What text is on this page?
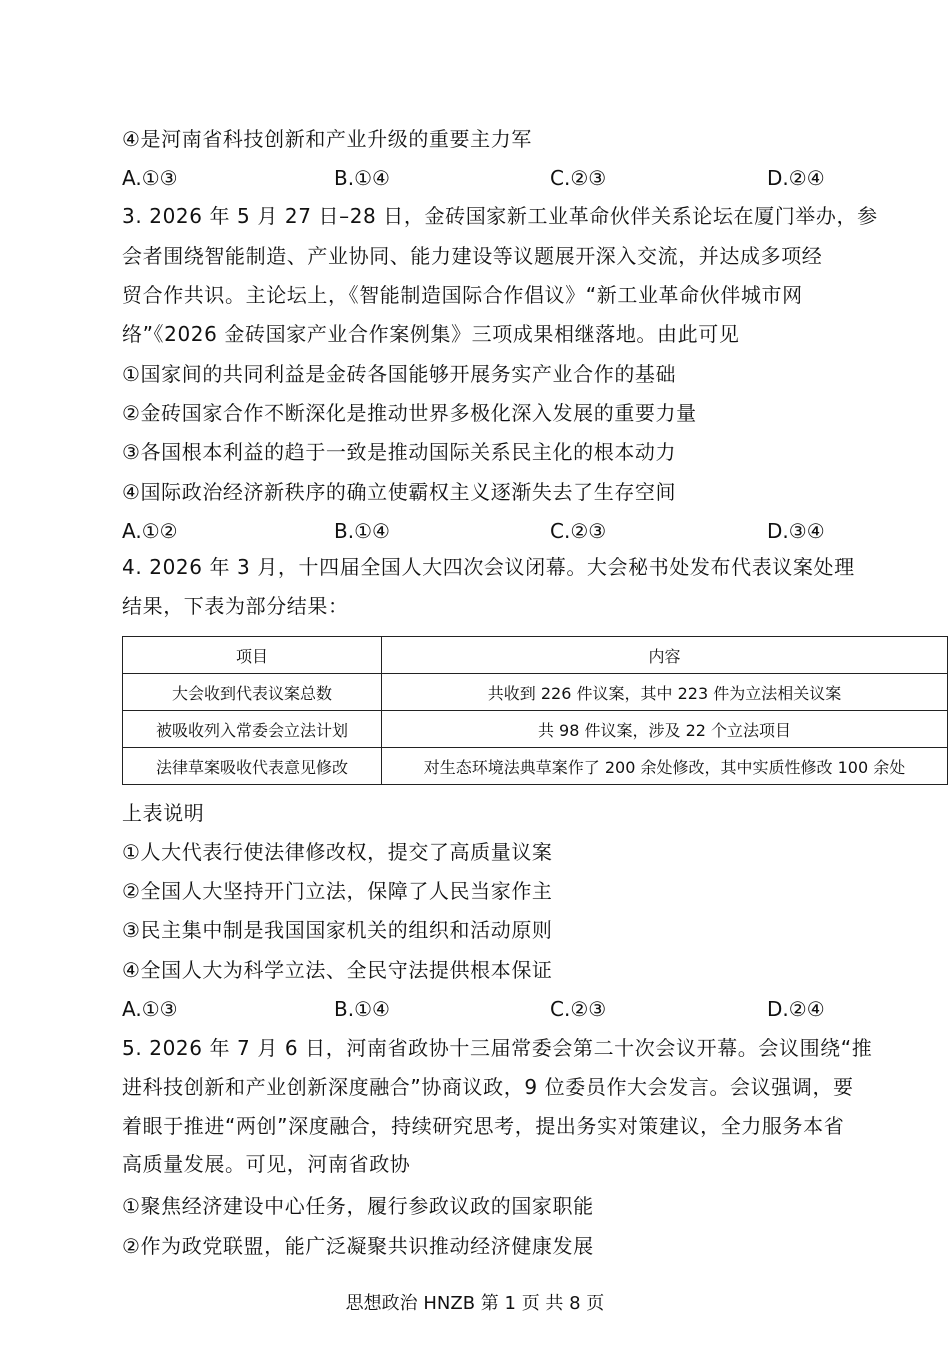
④是河南省科技创新和产业升级的重要主力军
A.①③	B.①④	C.②③	D.②④
3. 2026 年 5 月 27 日–28 日，金砖国家新工业革命伙伴关系论坛在厦门举办，参
会者围绕智能制造、产业协同、能力建设等议题展开深入交流，并达成多项经
贸合作共识。主论坛上，《智能制造国际合作倡议》“新工业革命伙伴城市网
络”《2026 金砖国家产业合作案例集》三项成果相继落地。由此可见
①国家间的共同利益是金砖各国能够开展务实产业合作的基础
②金砖国家合作不断深化是推动世界多极化深入发展的重要力量
③各国根本利益的趋于一致是推动国际关系民主化的根本动力
④国际政治经济新秩序的确立使霸权主义逐渐失去了生存空间
A.①②	B.①④	C.②③	D.③④
4. 2026 年 3 月，十四届全国人大四次会议闭幕。大会秘书处发布代表议案处理
结果，下表为部分结果：
项目	内容
大会收到代表议案总数	共收到 226 件议案，其中 223 件为立法相关议案
被吸收列入常委会立法计划	共 98 件议案，涉及 22 个立法项目
法律草案吸收代表意见修改	对生态环境法典草案作了 200 余处修改，其中实质性修改 100 余处
上表说明
①人大代表行使法律修改权，提交了高质量议案
②全国人大坚持开门立法，保障了人民当家作主
③民主集中制是我国国家机关的组织和活动原则
④全国人大为科学立法、全民守法提供根本保证
A.①③	B.①④	C.②③	D.②④
5. 2026 年 7 月 6 日，河南省政协十三届常委会第二十次会议开幕。会议围绕“推
进科技创新和产业创新深度融合”协商议政，9 位委员作大会发言。会议强调，要
着眼于推进“两创”深度融合，持续研究思考，提出务实对策建议，全力服务本省
高质量发展。可见，河南省政协
①聚焦经济建设中心任务，履行参政议政的国家职能
②作为政党联盟，能广泛凝聚共识推动经济健康发展
思想政治 HNZB 第 1 页 共 8 页
